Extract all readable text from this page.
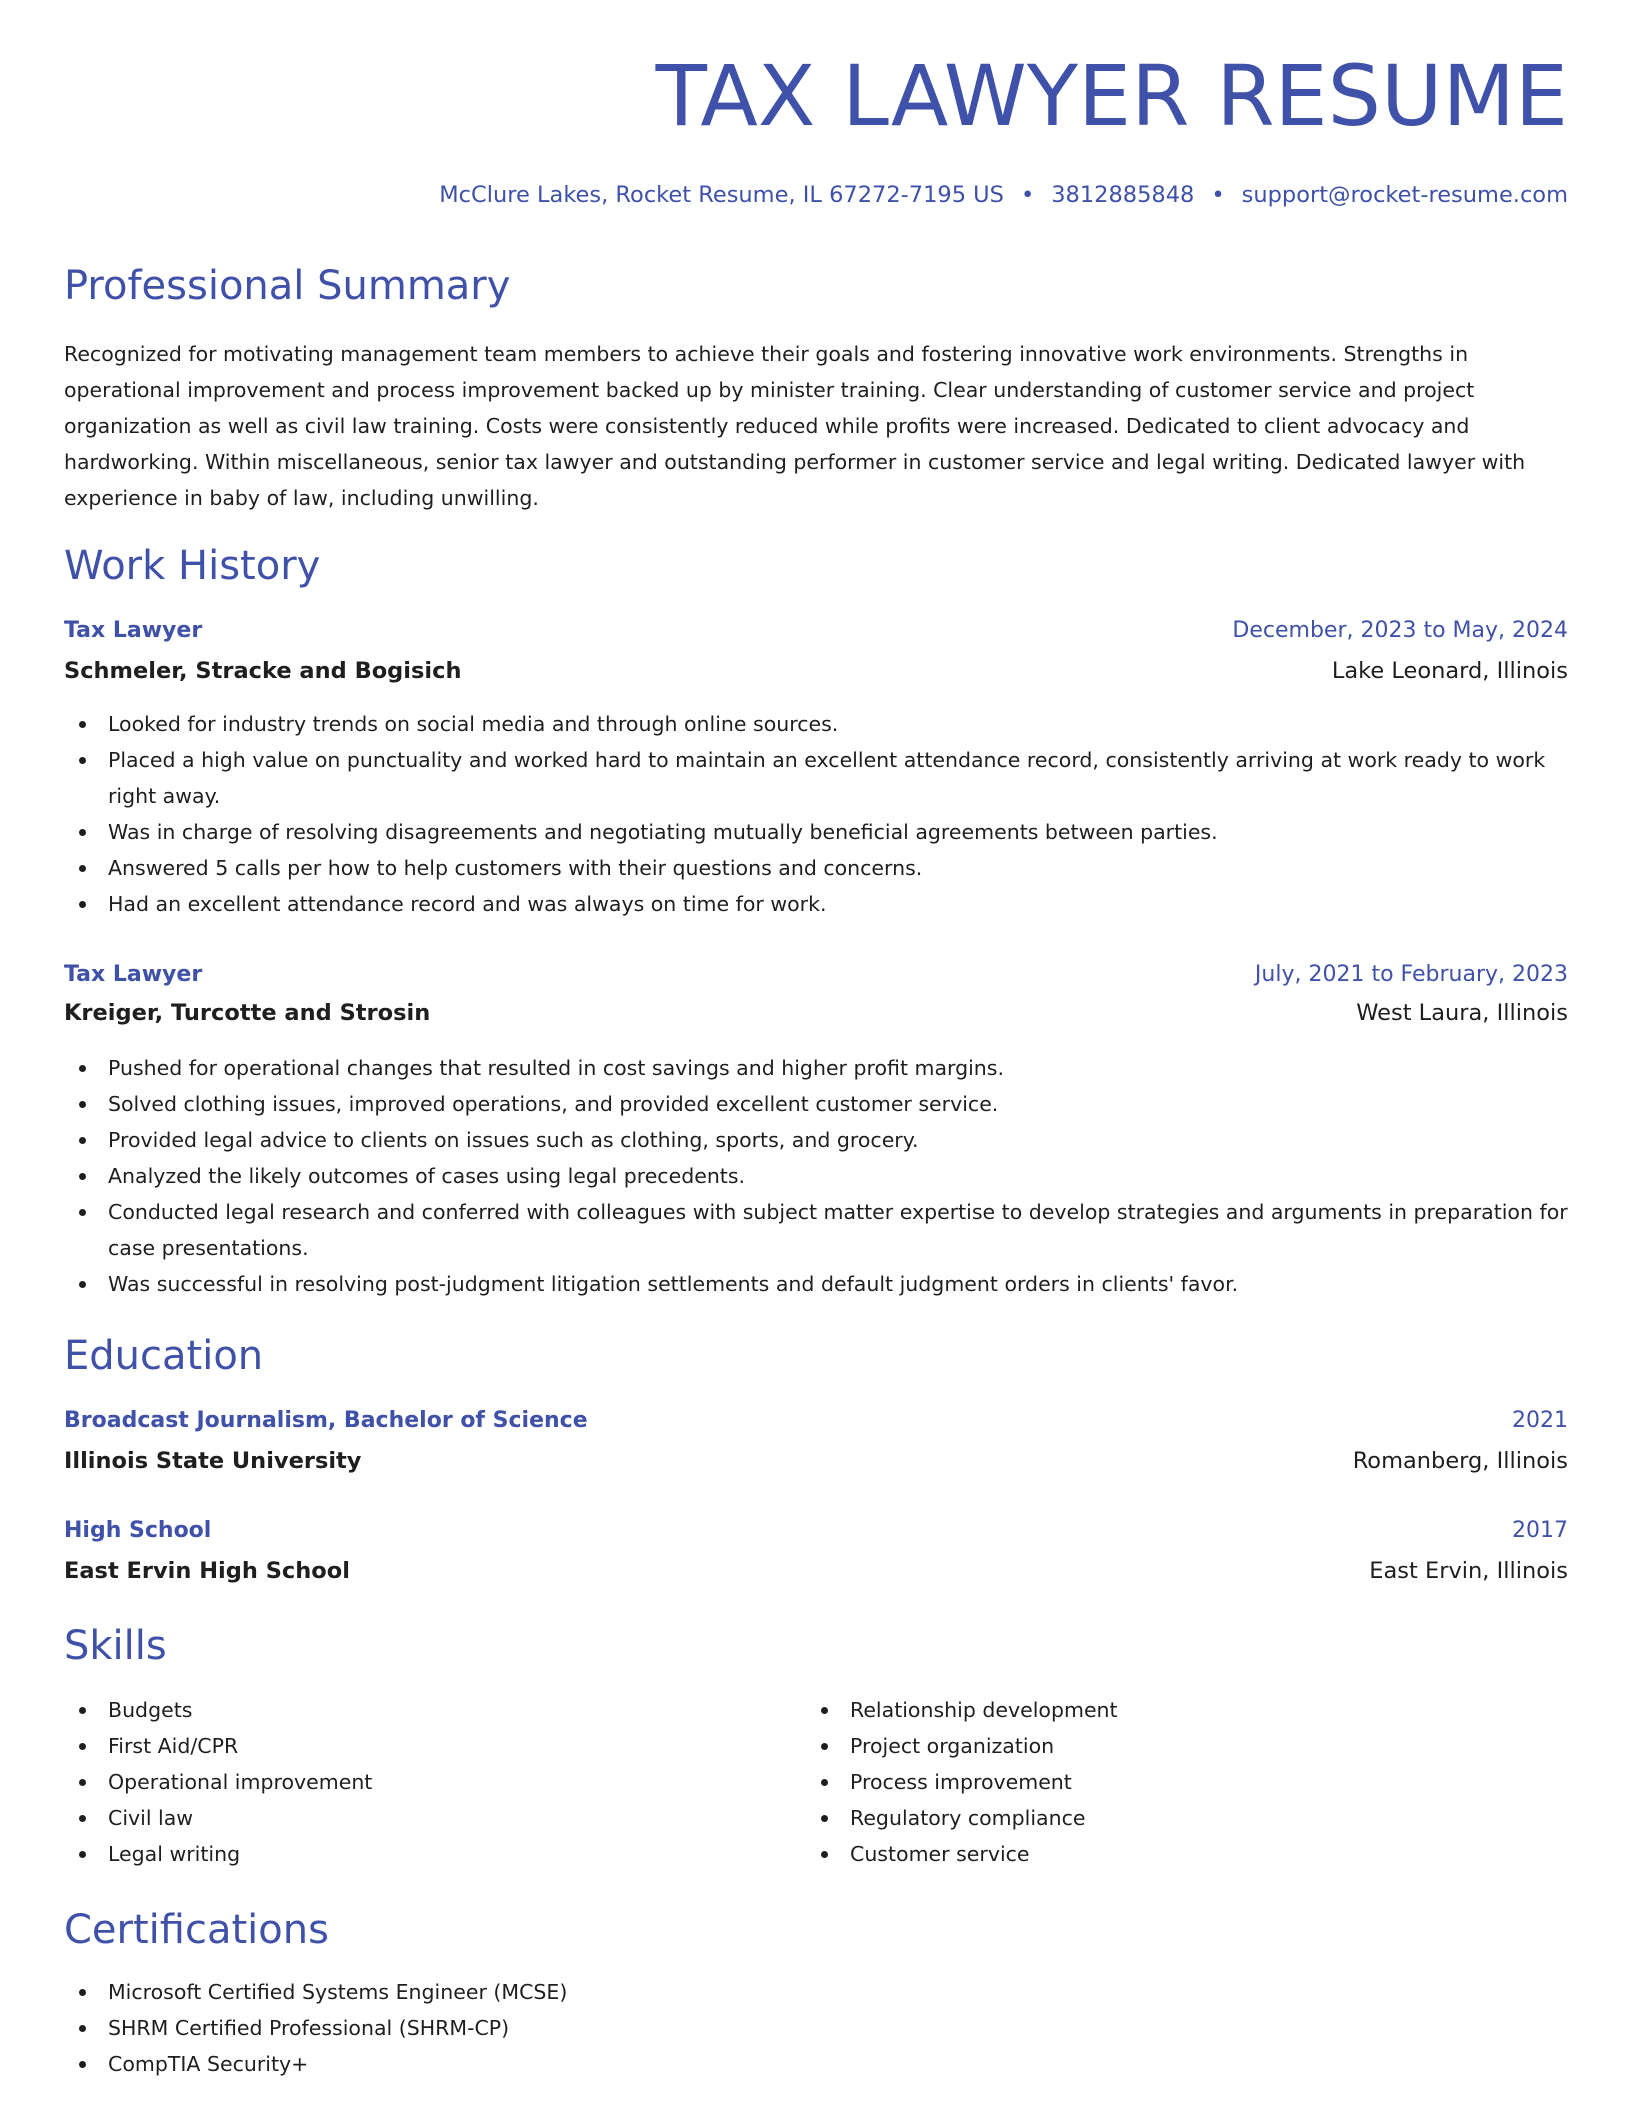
TAX LAWYER RESUME
McClure Lakes, Rocket Resume, IL 67272-7195 US • 3812885848 • support@rocket-resume.com
Professional Summary

Recognized for motivating management team members to achieve their goals and fostering innovative work environments. Strengths in operational improvement and process improvement backed up by minister training. Clear understanding of customer service and project organization as well as civil law training. Costs were consistently reduced while profits were increased. Dedicated to client advocacy and hardworking. Within miscellaneous, senior tax lawyer and outstanding performer in customer service and legal writing. Dedicated lawyer with experience in baby of law, including unwilling.

Work History
Tax Lawyer	December, 2023 to May, 2024
Schmeler, Stracke and Bogisich	Lake Leonard, Illinois
Looked for industry trends on social media and through online sources.
Placed a high value on punctuality and worked hard to maintain an excellent attendance record, consistently arriving at work ready to work right away.
Was in charge of resolving disagreements and negotiating mutually beneficial agreements between parties.
Answered 5 calls per how to help customers with their questions and concerns.
Had an excellent attendance record and was always on time for work.
Tax Lawyer	July, 2021 to February, 2023
Kreiger, Turcotte and Strosin	West Laura, Illinois
Pushed for operational changes that resulted in cost savings and higher profit margins.
Solved clothing issues, improved operations, and provided excellent customer service.
Provided legal advice to clients on issues such as clothing, sports, and grocery.
Analyzed the likely outcomes of cases using legal precedents.
Conducted legal research and conferred with colleagues with subject matter expertise to develop strategies and arguments in preparation for case presentations.
Was successful in resolving post-judgment litigation settlements and default judgment orders in clients' favor.
Education
Broadcast Journalism, Bachelor of Science	2021
Illinois State University	Romanberg, Illinois
High School	2017
East Ervin High School	East Ervin, Illinois
Skills
Budgets
First Aid/CPR
Operational improvement
Civil law
Legal writing
Relationship development
Project organization
Process improvement
Regulatory compliance
Customer service
Certifications
Microsoft Certified Systems Engineer (MCSE)
SHRM Certified Professional (SHRM-CP)
CompTIA Security+
